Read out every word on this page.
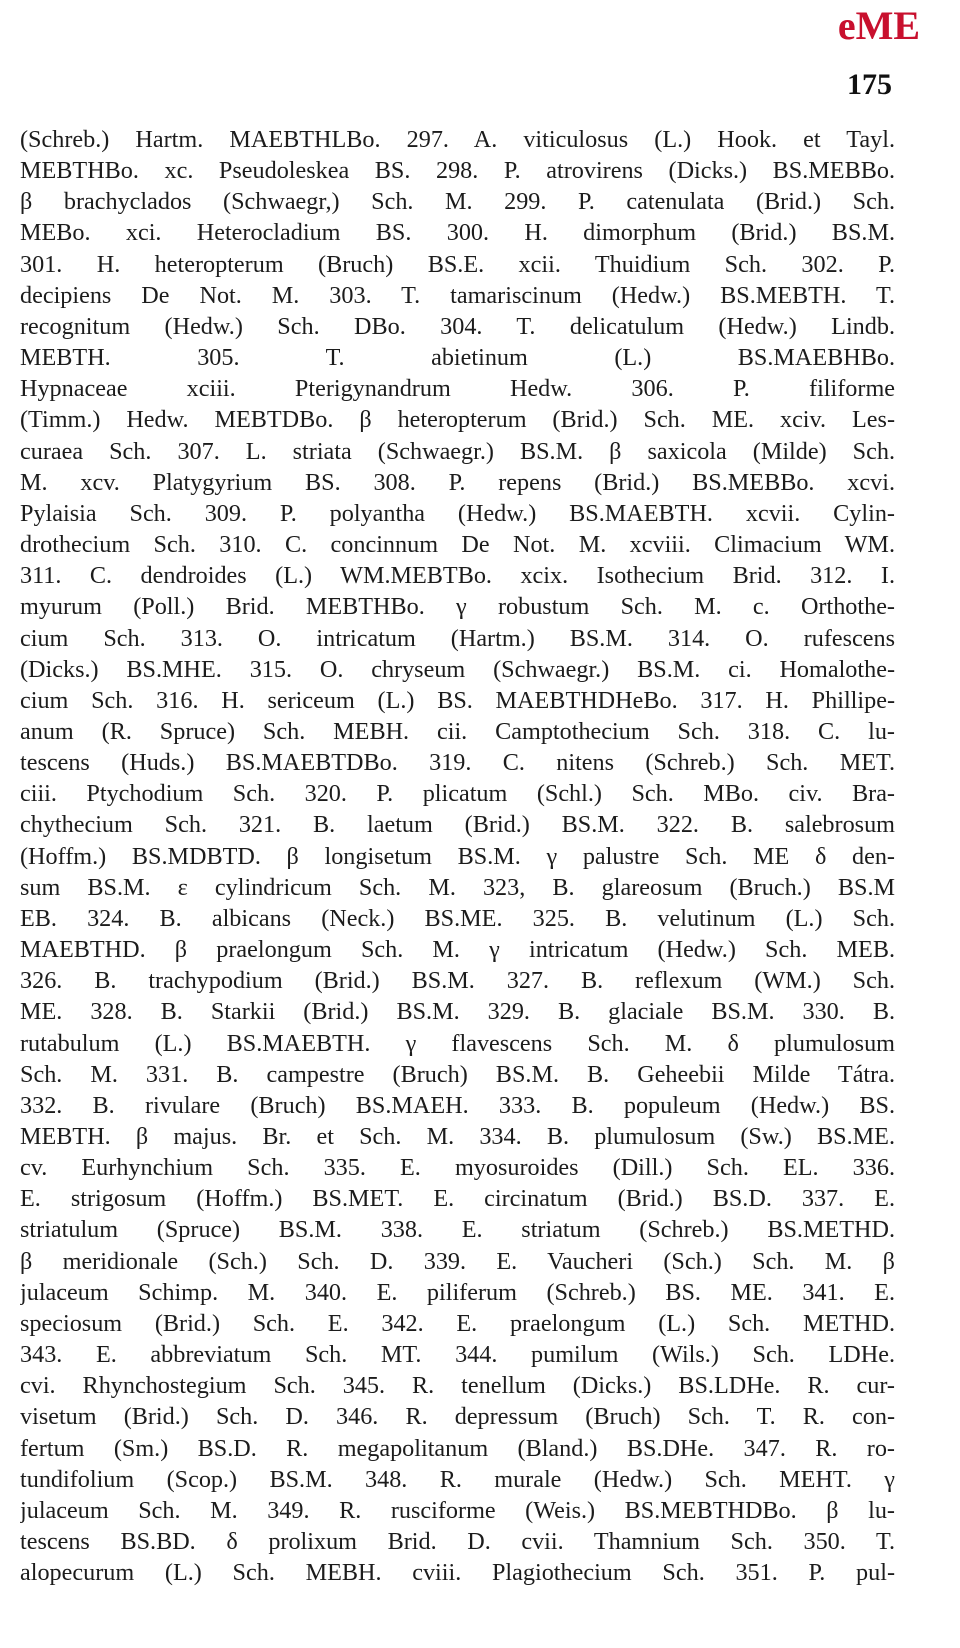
eME
175
(Schreb.) Hartm. MAEBTHLBo. 297. A. viticulosus (L.) Hook. et Tayl.
MEBTHBo. xc. Pseudoleskea BS. 298. P. atrovirens (Dicks.) BS.MEBBo.
β brachyclados (Schwaegr,) Sch. M. 299. P. catenulata (Brid.) Sch.
MEBo. xci. Heterocladium BS. 300. H. dimorphum (Brid.) BS.M.
301. H. heteropterum (Bruch) BS.E. xcii. Thuidium Sch. 302. P.
decipiens De Not. M. 303. T. tamariscinum (Hedw.) BS.MEBTH. T.
recognitum (Hedw.) Sch. DBo. 304. T. delicatulum (Hedw.) Lindb.
MEBTH. 305. T. abietinum (L.) BS.MAEBHBo.
Hypnaceae xciii. Pterigynandrum Hedw. 306. P. filiforme
(Timm.) Hedw. MEBTDBo. β heteropterum (Brid.) Sch. ME. xciv. Les-
curaea Sch. 307. L. striata (Schwaegr.) BS.M. β saxicola (Milde) Sch.
M. xcv. Platygyrium BS. 308. P. repens (Brid.) BS.MEBBo. xcvi.
Pylaisia Sch. 309. P. polyantha (Hedw.) BS.MAEBTH. xcvii. Cylin-
drothecium Sch. 310. C. concinnum De Not. M. xcviii. Climacium WM.
311. C. dendroides (L.) WM.MEBTBo. xcix. Isothecium Brid. 312. I.
myurum (Poll.) Brid. MEBTHBo. γ robustum Sch. M. c. Orthothe-
cium Sch. 313. O. intricatum (Hartm.) BS.M. 314. O. rufescens
(Dicks.) BS.MHE. 315. O. chryseum (Schwaegr.) BS.M. ci. Homalothe-
cium Sch. 316. H. sericeum (L.) BS. MAEBTHDHeBo. 317. H. Phillipe-
anum (R. Spruce) Sch. MEBH. cii. Camptothecium Sch. 318. C. lu-
tescens (Huds.) BS.MAEBTDBo. 319. C. nitens (Schreb.) Sch. MET.
ciii. Ptychodium Sch. 320. P. plicatum (Schl.) Sch. MBo. civ. Bra-
chythecium Sch. 321. B. laetum (Brid.) BS.M. 322. B. salebrosum
(Hoffm.) BS.MDBTD. β longisetum BS.M. γ palustre Sch. ME δ den-
sum BS.M. ε cylindricum Sch. M. 323, B. glareosum (Bruch.) BS.M
EB. 324. B. albicans (Neck.) BS.ME. 325. B. velutinum (L.) Sch.
MAEBTHD. β praelongum Sch. M. γ intricatum (Hedw.) Sch. MEB.
326. B. trachypodium (Brid.) BS.M. 327. B. reflexum (WM.) Sch.
ME. 328. B. Starkii (Brid.) BS.M. 329. B. glaciale BS.M. 330. B.
rutabulum (L.) BS.MAEBTH. γ flavescens Sch. M. δ plumulosum
Sch. M. 331. B. campestre (Bruch) BS.M. B. Geheebii Milde Tátra.
332. B. rivulare (Bruch) BS.MAEH. 333. B. populeum (Hedw.) BS.
MEBTH. β majus. Br. et Sch. M. 334. B. plumulosum (Sw.) BS.ME.
cv. Eurhynchium Sch. 335. E. myosuroides (Dill.) Sch. EL. 336.
E. strigosum (Hoffm.) BS.MET. E. circinatum (Brid.) BS.D. 337. E.
striatulum (Spruce) BS.M. 338. E. striatum (Schreb.) BS.METHD.
β meridionale (Sch.) Sch. D. 339. E. Vaucheri (Sch.) Sch. M. β
julaceum Schimp. M. 340. E. piliferum (Schreb.) BS. ME. 341. E.
speciosum (Brid.) Sch. E. 342. E. praelongum (L.) Sch. METHD.
343. E. abbreviatum Sch. MT. 344. pumilum (Wils.) Sch. LDHe.
cvi. Rhynchostegium Sch. 345. R. tenellum (Dicks.) BS.LDHe. R. cur-
visetum (Brid.) Sch. D. 346. R. depressum (Bruch) Sch. T. R. con-
fertum (Sm.) BS.D. R. megapolitanum (Bland.) BS.DHe. 347. R. ro-
tundifolium (Scop.) BS.M. 348. R. murale (Hedw.) Sch. MEHT. γ
julaceum Sch. M. 349. R. rusciforme (Weis.) BS.MEBTHDBo. β lu-
tescens BS.BD. δ prolixum Brid. D. cvii. Thamnium Sch. 350. T.
alopecurum (L.) Sch. MEBH. cviii. Plagiothecium Sch. 351. P. pul-
